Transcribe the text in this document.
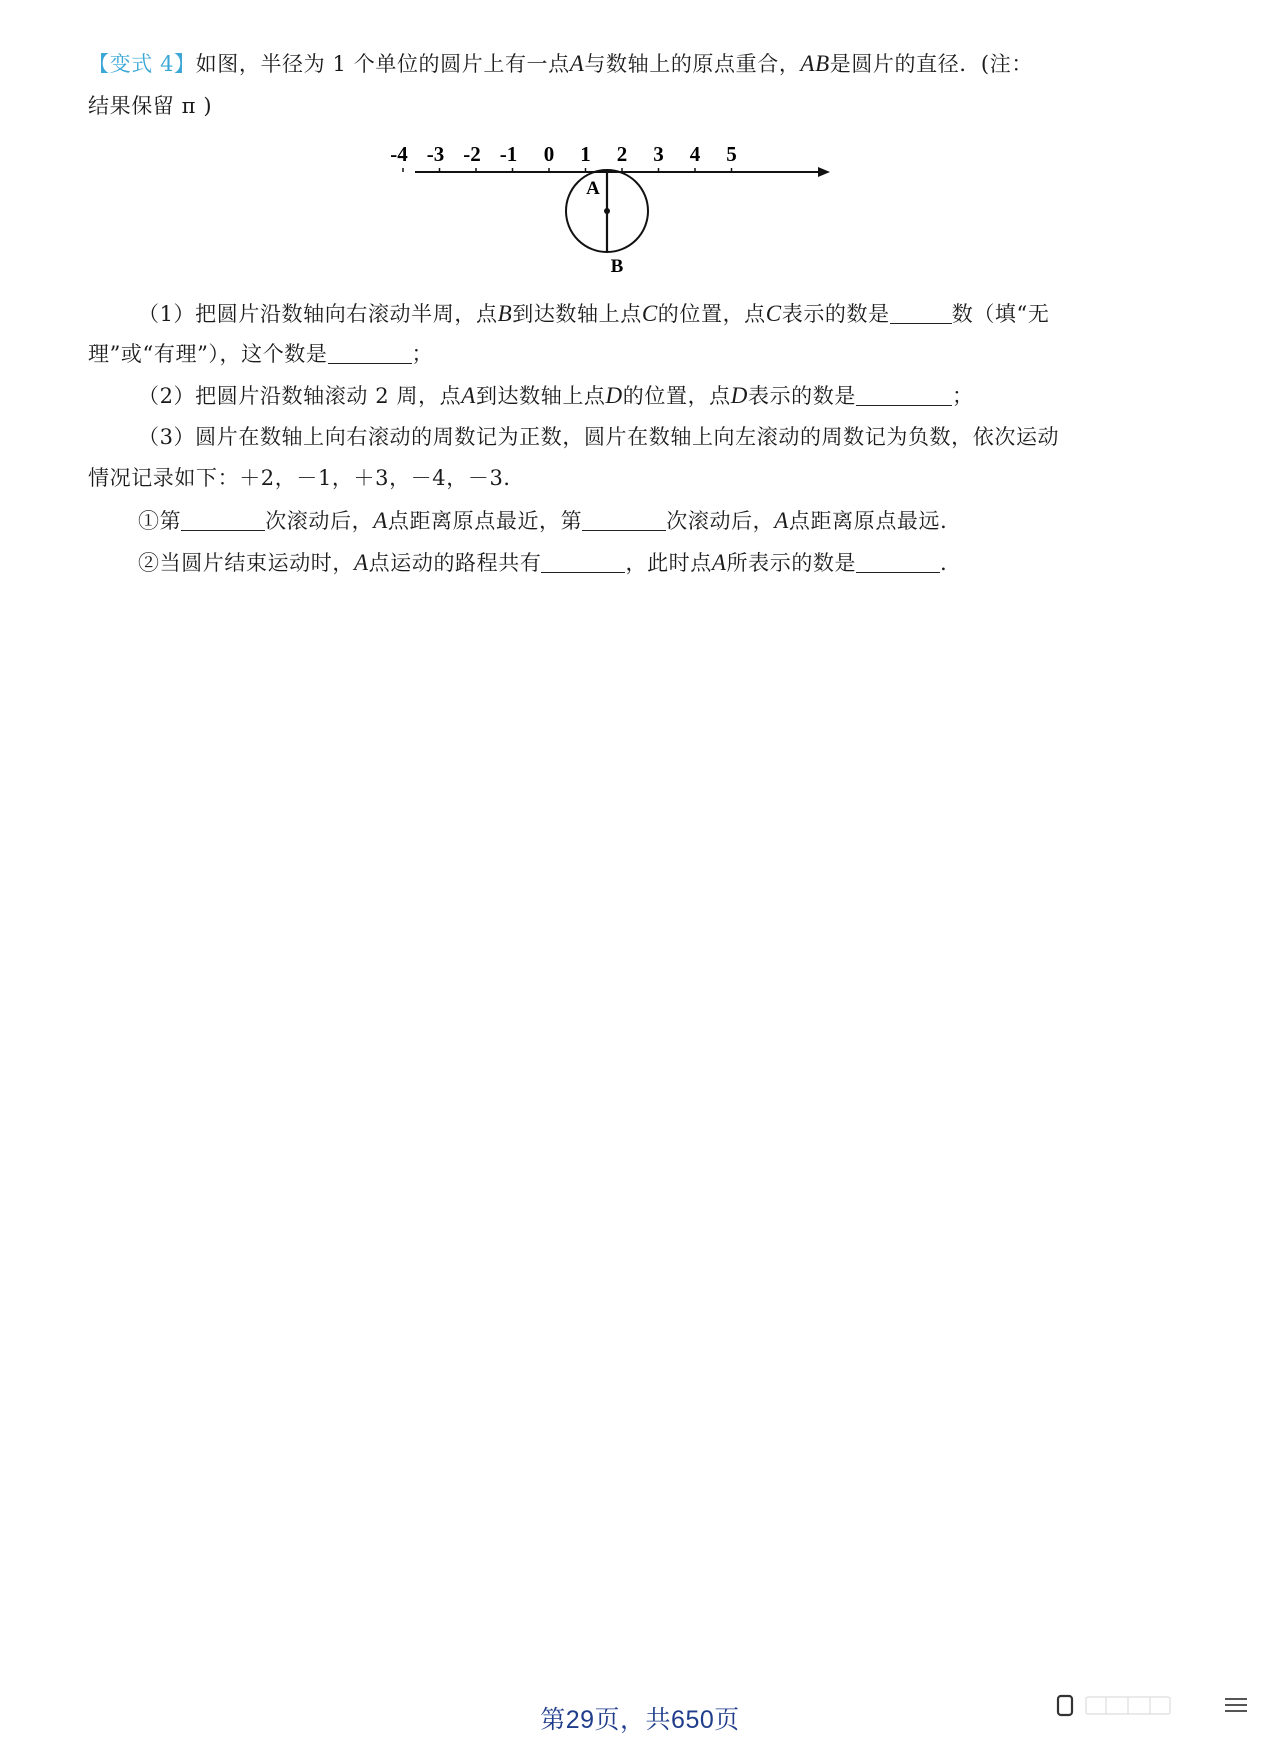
【变式 4】如图，半径为 1 个单位的圆片上有一点A与数轴上的原点重合，AB是圆片的直径．(注：
结果保留 π )
-4 -3 -2 -1 0 1 2 3 4 5
A
B
（1）把圆片沿数轴向右滚动半周，点B到达数轴上点C的位置，点C表示的数是	数（填“无
理”或“有理”），这个数是	；
（2）把圆片沿数轴滚动 2 周，点A到达数轴上点D的位置，点D表示的数是	；
（3）圆片在数轴上向右滚动的周数记为正数，圆片在数轴上向左滚动的周数记为负数，依次运动
情况记录如下：＋2，－1，＋3，－4，－3．
①第	次滚动后，A点距离原点最近，第	次滚动后，A点距离原点最远．
②当圆片结束运动时，A点运动的路程共有	，此时点A所表示的数是	．
第29页，共650页
